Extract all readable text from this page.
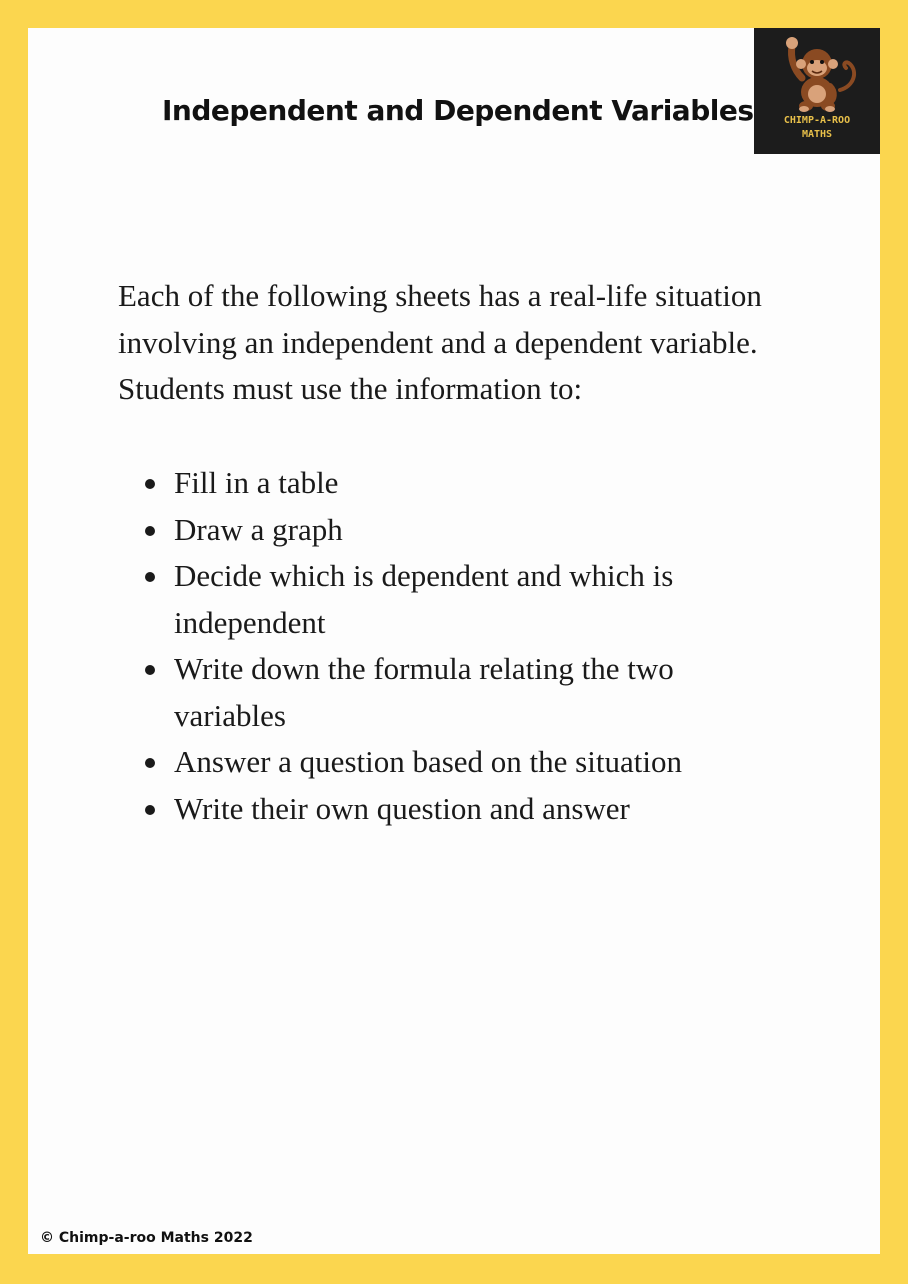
Independent and Dependent Variables	CHIMP-A-ROO
MATHS

Each of the following sheets has a real-life situation involving an independent and a dependent variable. Students must use the information to:

Fill in a table
Draw a graph
Decide which is dependent and which is independent
Write down the formula relating the two variables
Answer a question based on the situation
Write their own question and answer
© Chimp-a-roo Maths 2022
